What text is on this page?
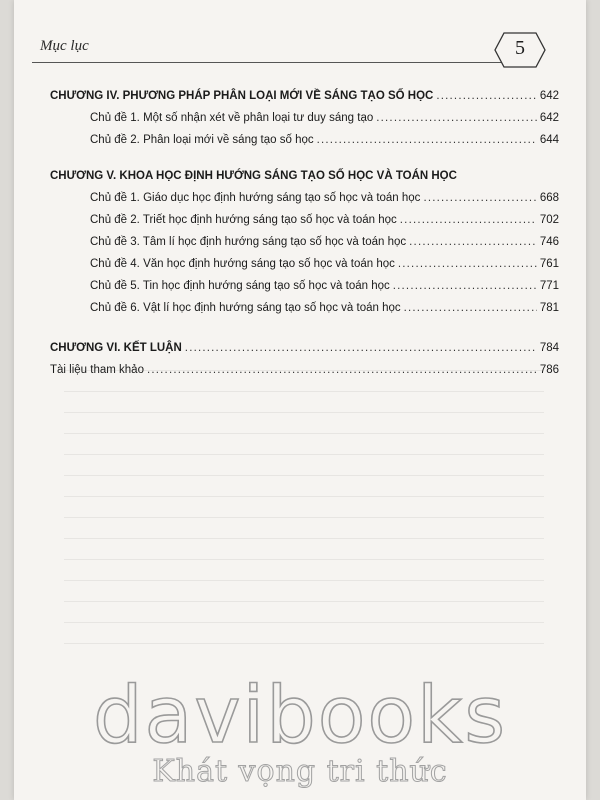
Mục lục	5
CHƯƠNG IV. PHƯƠNG PHÁP PHÂN LOẠI MỚI VỀ SÁNG TẠO SỐ HỌC .....	642
Chủ đề 1. Một số nhận xét về phân loại tư duy sáng tạo .....	642
Chủ đề 2. Phân loại mới về sáng tạo số học .....	644
CHƯƠNG V. KHOA HỌC ĐỊNH HƯỚNG SÁNG TẠO SỐ HỌC VÀ TOÁN HỌC
Chủ đề 1. Giáo dục học định hướng sáng tạo số học và toán học .....	668
Chủ đề 2. Triết học định hướng sáng tạo số học và toán học .....	702
Chủ đề 3. Tâm lí học định hướng sáng tạo số học và toán học .....	746
Chủ đề 4. Văn học định hướng sáng tạo số học và toán học .....	761
Chủ đề 5. Tin học định hướng sáng tạo số học và toán học .....	771
Chủ đề 6. Vật lí học định hướng sáng tạo số học và toán học .....	781
CHƯƠNG VI. KẾT LUẬN .....	784
Tài liệu tham khảo .....	786
davibooks
Khát vọng tri thức
